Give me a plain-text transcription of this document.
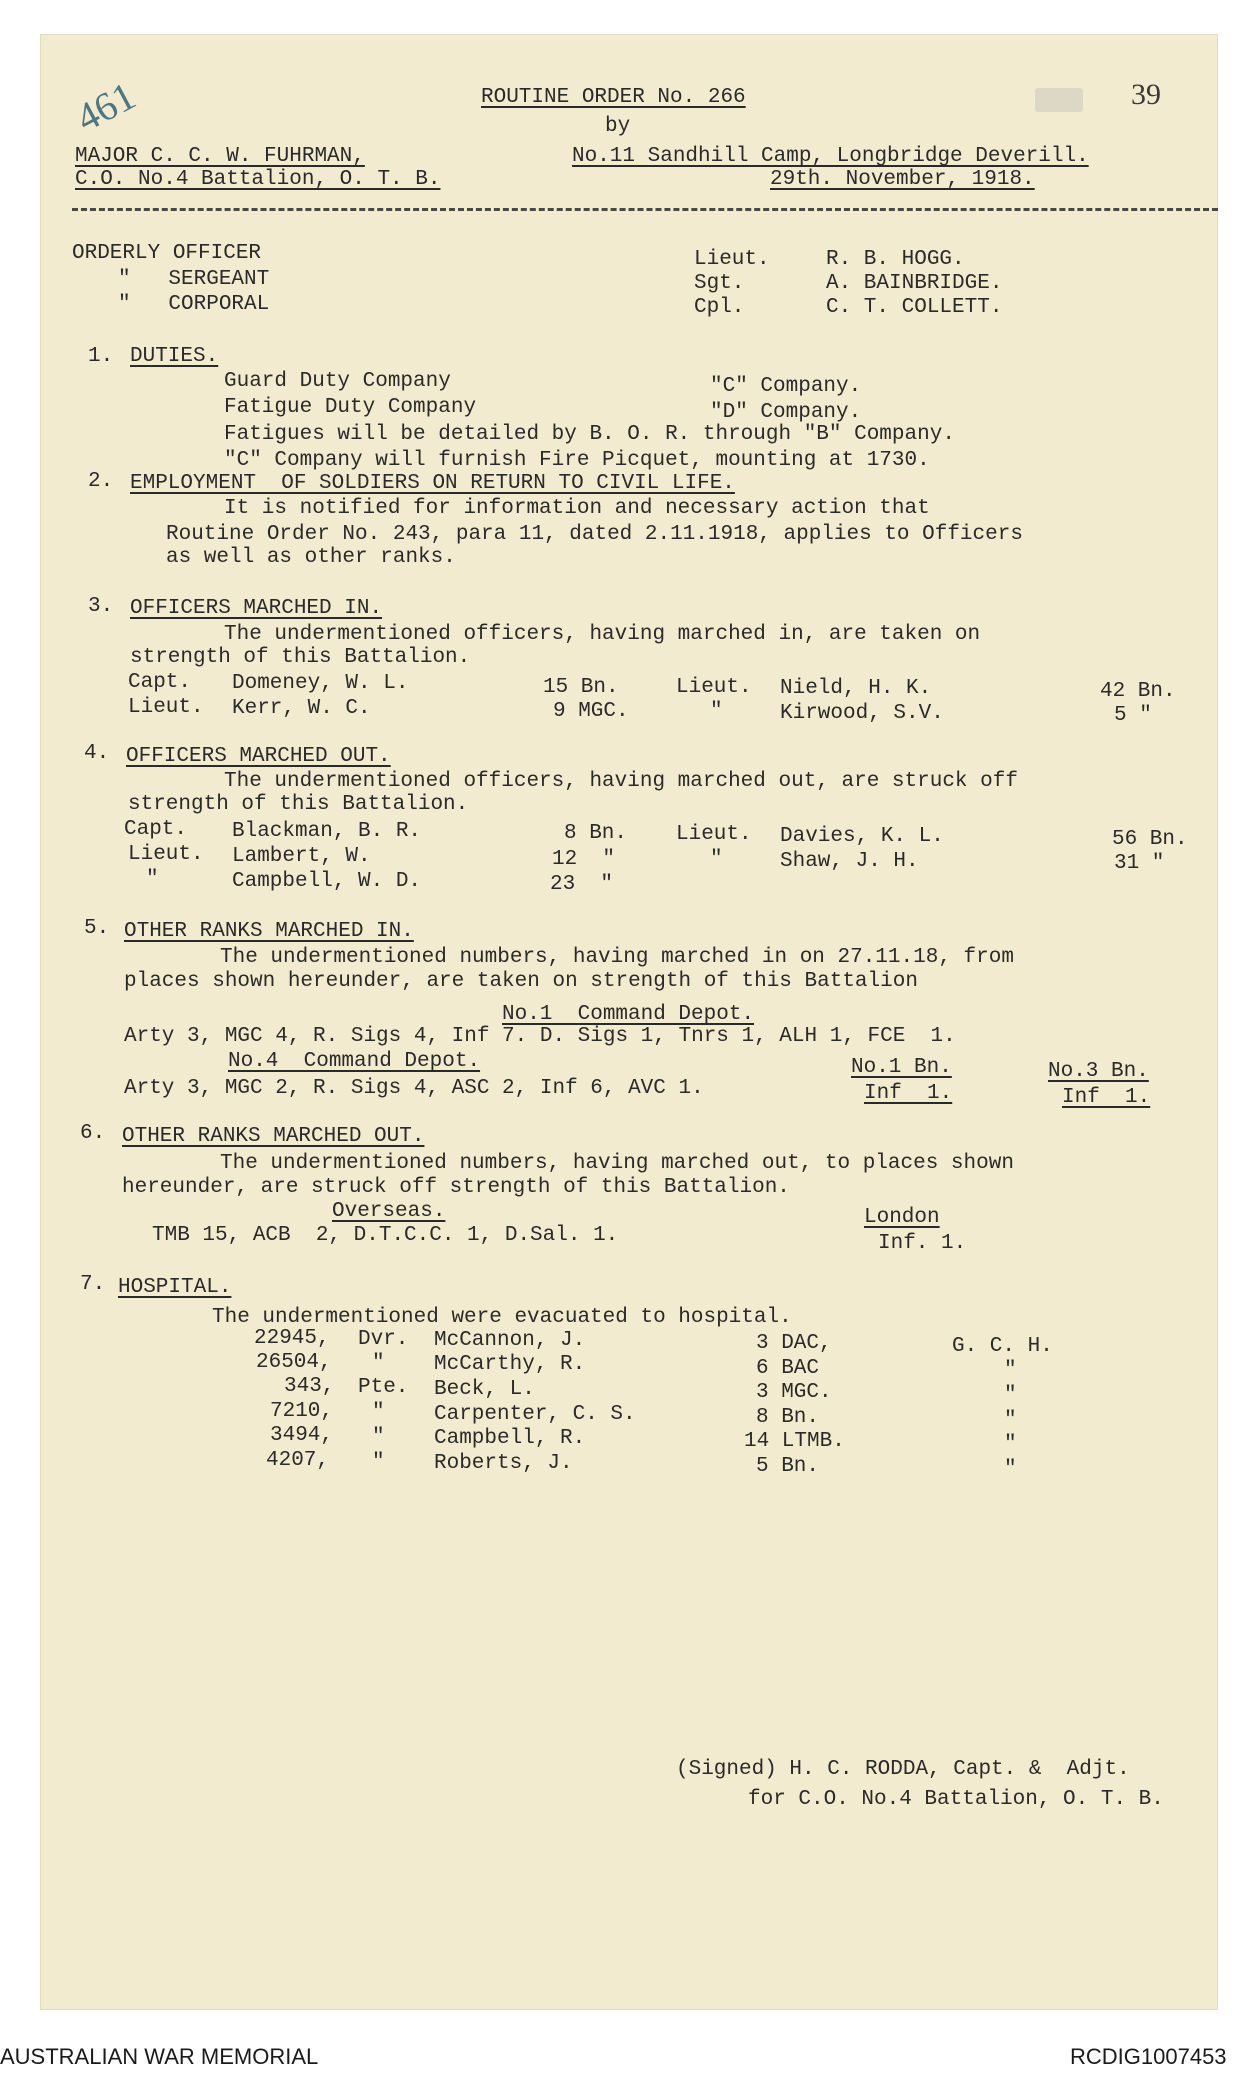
39
461	ROUTINE ORDER No. 266
by
MAJOR C. C. W. FUHRMAN,
C.O. No.4 Battalion, O. T. B.
No.11 Sandhill Camp, Longbridge Deverill.
29th. November, 1918.
ORDERLY OFFICER	Lieut.	R. B. HOGG.
"   SERGEANT	Sgt.	A. BAINBRIDGE.
"   CORPORAL	Cpl.	C. T. COLLETT.
1. DUTIES.
Guard Duty Company	"C" Company.
Fatigue Duty Company	"D" Company.
Fatigues will be detailed by B. O. R. through "B" Company.
"C" Company will furnish Fire Picquet, mounting at 1730.
2. EMPLOYMENT  OF SOLDIERS ON RETURN TO CIVIL LIFE.
It is notified for information and necessary action that
Routine Order No. 243, para 11, dated 2.11.1918, applies to Officers
as well as other ranks.
3. OFFICERS MARCHED IN.
The undermentioned officers, having marched in, are taken on
strength of this Battalion.
Capt. Domeney, W. L.	15 Bn.	Lieut. Nield, H. K.	42 Bn.
Lieut. Kerr, W. C.	9 MGC.	"	Kirwood, S.V.	5 "
4. OFFICERS MARCHED OUT.
The undermentioned officers, having marched out, are struck off
strength of this Battalion.
Capt. Blackman, B. R.	8 Bn. Lieut. Davies, K. L.	56 Bn.
Lieut. Lambert, W.	12  "	"	Shaw, J. H.	31 "
"	Campbell, W. D.	23  "
5. OTHER RANKS MARCHED IN.
The undermentioned numbers, having marched in on 27.11.18, from
places shown hereunder, are taken on strength of this Battalion
No.1  Command Depot.
Arty 3, MGC 4, R. Sigs 4, Inf 7. D. Sigs 1, Tnrs 1, ALH 1, FCE  1.
No.4  Command Depot.	No.1 Bn.	No.3 Bn.
Arty 3, MGC 2, R. Sigs 4, ASC 2, Inf 6, AVC 1.	Inf  1.	Inf  1.
6. OTHER RANKS MARCHED OUT.
The undermentioned numbers, having marched out, to places shown
hereunder, are struck off strength of this Battalion.
Overseas.	London
TMB 15, ACB  2, D.T.C.C. 1, D.Sal. 1.	Inf. 1.
7. HOSPITAL.
The undermentioned were evacuated to hospital.
22945, Dvr. McCannon, J.	3 DAC,	G. C. H.
26504, " McCarthy, R.	6 BAC	"
343, Pte. Beck, L.	3 MGC.	"
7210, " Carpenter, C. S.	8 Bn.	"
3494, " Campbell, R.	14 LTMB.	"
4207, " Roberts, J.	5 Bn.	"
(Signed) H. C. RODDA, Capt. &  Adjt.
for C.O. No.4 Battalion, O. T. B.
AUSTRALIAN WAR MEMORIAL	RCDIG1007453
